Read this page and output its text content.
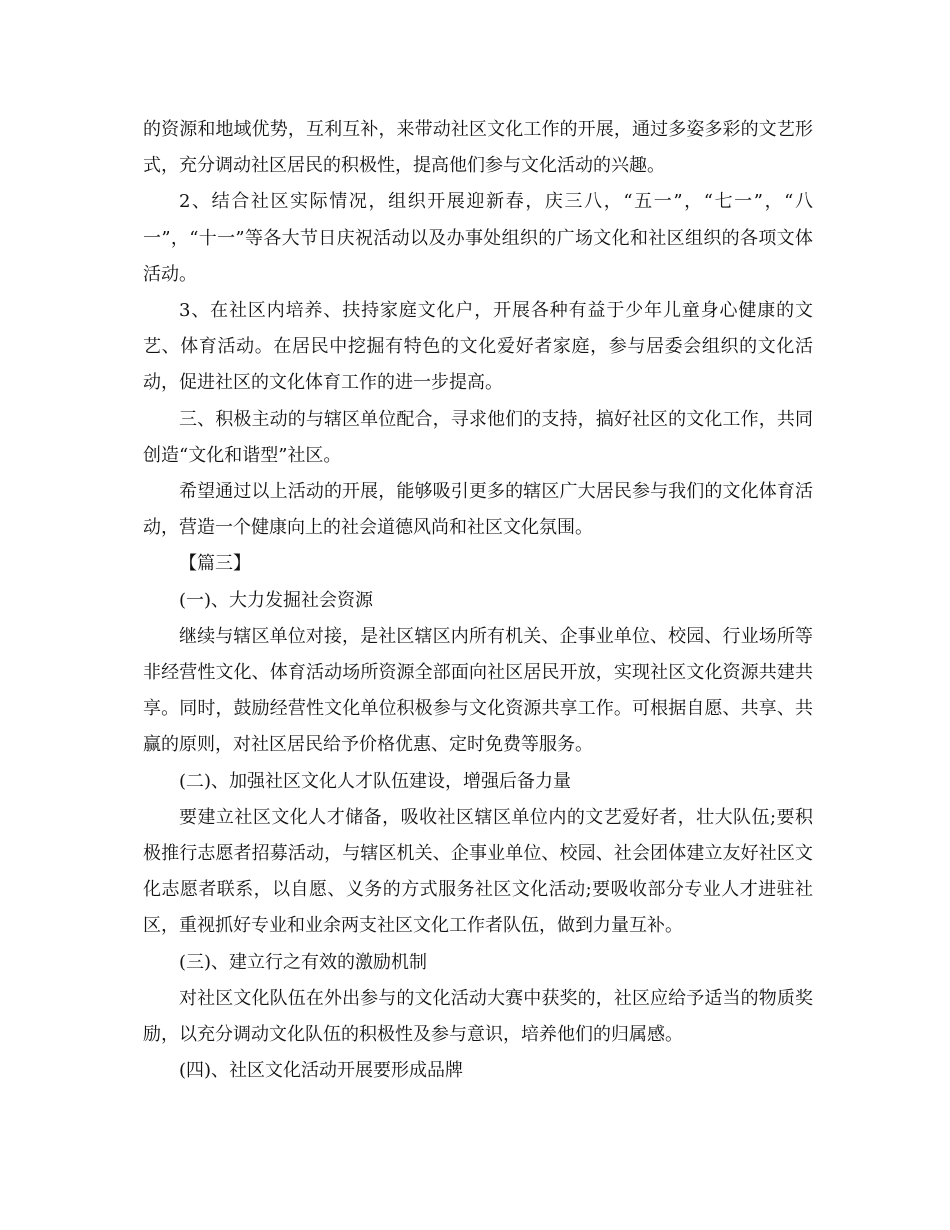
的资源和地域优势，互利互补，来带动社区文化工作的开展，通过多姿多彩的文艺形式，充分调动社区居民的积极性，提高他们参与文化活动的兴趣。

2、结合社区实际情况，组织开展迎新春，庆三八，“五一”，“七一”，“八一”，“十一”等各大节日庆祝活动以及办事处组织的广场文化和社区组织的各项文体活动。

3、在社区内培养、扶持家庭文化户，开展各种有益于少年儿童身心健康的文艺、体育活动。在居民中挖掘有特色的文化爱好者家庭，参与居委会组织的文化活动，促进社区的文化体育工作的进一步提高。

三、积极主动的与辖区单位配合，寻求他们的支持，搞好社区的文化工作，共同创造“文化和谐型”社区。

希望通过以上活动的开展，能够吸引更多的辖区广大居民参与我们的文化体育活动，营造一个健康向上的社会道德风尚和社区文化氛围。

【篇三】

(一)、大力发掘社会资源

继续与辖区单位对接，是社区辖区内所有机关、企事业单位、校园、行业场所等非经营性文化、体育活动场所资源全部面向社区居民开放，实现社区文化资源共建共享。同时，鼓励经营性文化单位积极参与文化资源共享工作。可根据自愿、共享、共赢的原则，对社区居民给予价格优惠、定时免费等服务。

(二)、加强社区文化人才队伍建设，增强后备力量

要建立社区文化人才储备，吸收社区辖区单位内的文艺爱好者，壮大队伍;要积极推行志愿者招募活动，与辖区机关、企事业单位、校园、社会团体建立友好社区文化志愿者联系，以自愿、义务的方式服务社区文化活动;要吸收部分专业人才进驻社区，重视抓好专业和业余两支社区文化工作者队伍，做到力量互补。

(三)、建立行之有效的激励机制

对社区文化队伍在外出参与的文化活动大赛中获奖的，社区应给予适当的物质奖励，以充分调动文化队伍的积极性及参与意识，培养他们的归属感。

(四)、社区文化活动开展要形成品牌
